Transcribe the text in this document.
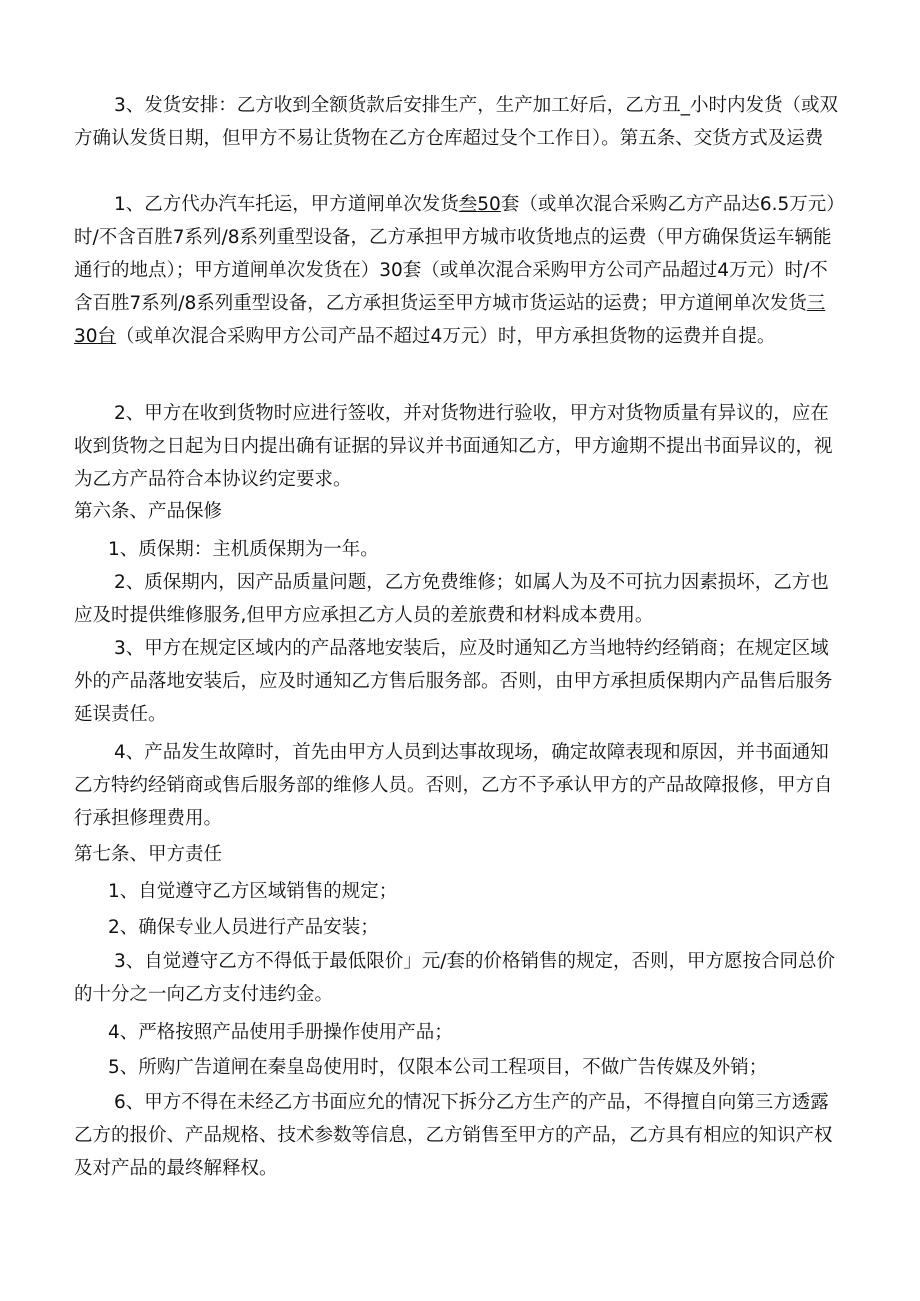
3、发货安排：乙方收到全额货款后安排生产，生产加工好后，乙方丑_小时内发货（或双方确认发货日期，但甲方不易让货物在乙方仓库超过殳个工作日）。第五条、交货方式及运费
1、乙方代办汽车托运，甲方道闸单次发货叁50套（或单次混合采购乙方产品达6.5万元）时/不含百胜7系列/8系列重型设备，乙方承担甲方城市收货地点的运费（甲方确保货运车辆能通行的地点）；甲方道闸单次发货在）30套（或单次混合采购甲方公司产品超过4万元）时/不含百胜7系列/8系列重型设备，乙方承担货运至甲方城市货运站的运费；甲方道闸单次发货三30台（或单次混合采购甲方公司产品不超过4万元）时，甲方承担货物的运费并自提。
2、甲方在收到货物时应进行签收，并对货物进行验收，甲方对货物质量有异议的，应在收到货物之日起为日内提出确有证据的异议并书面通知乙方，甲方逾期不提出书面异议的，视为乙方产品符合本协议约定要求。
第六条、产品保修
1、质保期：主机质保期为一年。
2、质保期内，因产品质量问题，乙方免费维修；如属人为及不可抗力因素损坏，乙方也应及时提供维修服务,但甲方应承担乙方人员的差旅费和材料成本费用。
3、甲方在规定区域内的产品落地安装后，应及时通知乙方当地特约经销商；在规定区域外的产品落地安装后，应及时通知乙方售后服务部。否则，由甲方承担质保期内产品售后服务延误责任。
4、产品发生故障时，首先由甲方人员到达事故现场，确定故障表现和原因，并书面通知乙方特约经销商或售后服务部的维修人员。否则，乙方不予承认甲方的产品故障报修，甲方自行承担修理费用。
第七条、甲方责任
1、自觉遵守乙方区域销售的规定；
2、确保专业人员进行产品安装；
3、自觉遵守乙方不得低于最低限价」元/套的价格销售的规定，否则，甲方愿按合同总价的十分之一向乙方支付违约金。
4、严格按照产品使用手册操作使用产品；
5、所购广告道闸在秦皇岛使用时，仅限本公司工程项目，不做广告传媒及外销；
6、甲方不得在未经乙方书面应允的情况下拆分乙方生产的产品，不得擅自向第三方透露乙方的报价、产品规格、技术参数等信息，乙方销售至甲方的产品，乙方具有相应的知识产权及对产品的最终解释权。
